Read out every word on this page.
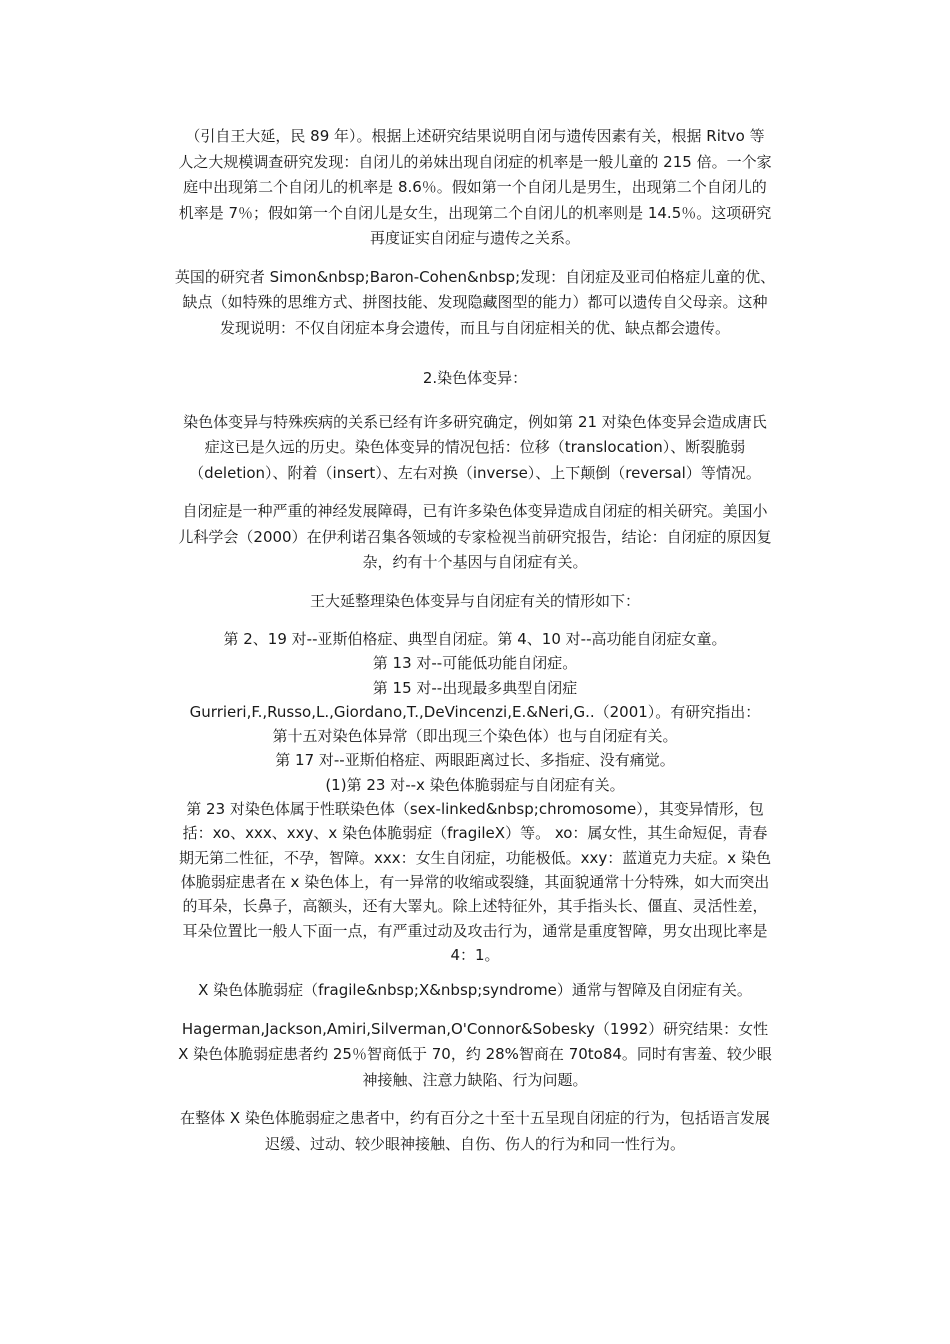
（引自王大延，民 89 年）。根据上述研究结果说明自闭与遗传因素有关，根据 Ritvo 等
人之大规模调查研究发现：自闭儿的弟妹出现自闭症的机率是一般儿童的 215 倍。一个家
庭中出现第二个自闭儿的机率是 8.6％。假如第一个自闭儿是男生，出现第二个自闭儿的
机率是 7％；假如第一个自闭儿是女生，出现第二个自闭儿的机率则是 14.5％。这项研究
再度证实自闭症与遗传之关系。

英国的研究者 Simon&nbsp;Baron-Cohen&nbsp;发现：自闭症及亚司伯格症儿童的优、
缺点（如特殊的思维方式、拼图技能、发现隐藏图型的能力）都可以遗传自父母亲。这种
发现说明：不仅自闭症本身会遗传，而且与自闭症相关的优、缺点都会遗传。

2.染色体变异：

染色体变异与特殊疾病的关系已经有许多研究确定，例如第 21 对染色体变异会造成唐氏
症这已是久远的历史。染色体变异的情况包括：位移（translocation）、断裂脆弱
（deletion）、附着（insert）、左右对换（inverse）、上下颠倒（reversal）等情况。

自闭症是一种严重的神经发展障碍，已有许多染色体变异造成自闭症的相关研究。美国小
儿科学会（2000）在伊利诺召集各领域的专家检视当前研究报告，结论：自闭症的原因复
杂，约有十个基因与自闭症有关。

王大延整理染色体变异与自闭症有关的情形如下：

第 2、19 对--亚斯伯格症、典型自闭症。第 4、10 对--高功能自闭症女童。
第 13 对--可能低功能自闭症。
第 15 对--出现最多典型自闭症
Gurrieri,F.,Russo,L.,Giordano,T.,DeVincenzi,E.&Neri,G..（2001）。有研究指出：
第十五对染色体异常（即出现三个染色体）也与自闭症有关。
第 17 对--亚斯伯格症、两眼距离过长、多指症、没有痛觉。
(1)第 23 对--x 染色体脆弱症与自闭症有关。
第 23 对染色体属于性联染色体（sex-linked&nbsp;chromosome），其变异情形，包
括：xo、xxx、xxy、x 染色体脆弱症（fragileX）等。 xo：属女性，其生命短促，青春
期无第二性征，不孕，智障。xxx：女生自闭症，功能极低。xxy：蓝道克力夫症。x 染色
体脆弱症患者在 x 染色体上，有一异常的收缩或裂缝，其面貌通常十分特殊，如大而突出
的耳朵，长鼻子，高额头，还有大睪丸。除上述特征外，其手指头长、僵直、灵活性差，
耳朵位置比一般人下面一点，有严重过动及攻击行为，通常是重度智障，男女出现比率是
4：1。

X 染色体脆弱症（fragile&nbsp;X&nbsp;syndrome）通常与智障及自闭症有关。

Hagerman,Jackson,Amiri,Silverman,O'Connor&Sobesky（1992）研究结果：女性
X 染色体脆弱症患者约 25％智商低于 70，约 28%智商在 70to84。同时有害羞、较少眼
神接触、注意力缺陷、行为问题。

在整体 X 染色体脆弱症之患者中，约有百分之十至十五呈现自闭症的行为，包括语言发展
迟缓、过动、较少眼神接触、自伤、伤人的行为和同一性行为。
